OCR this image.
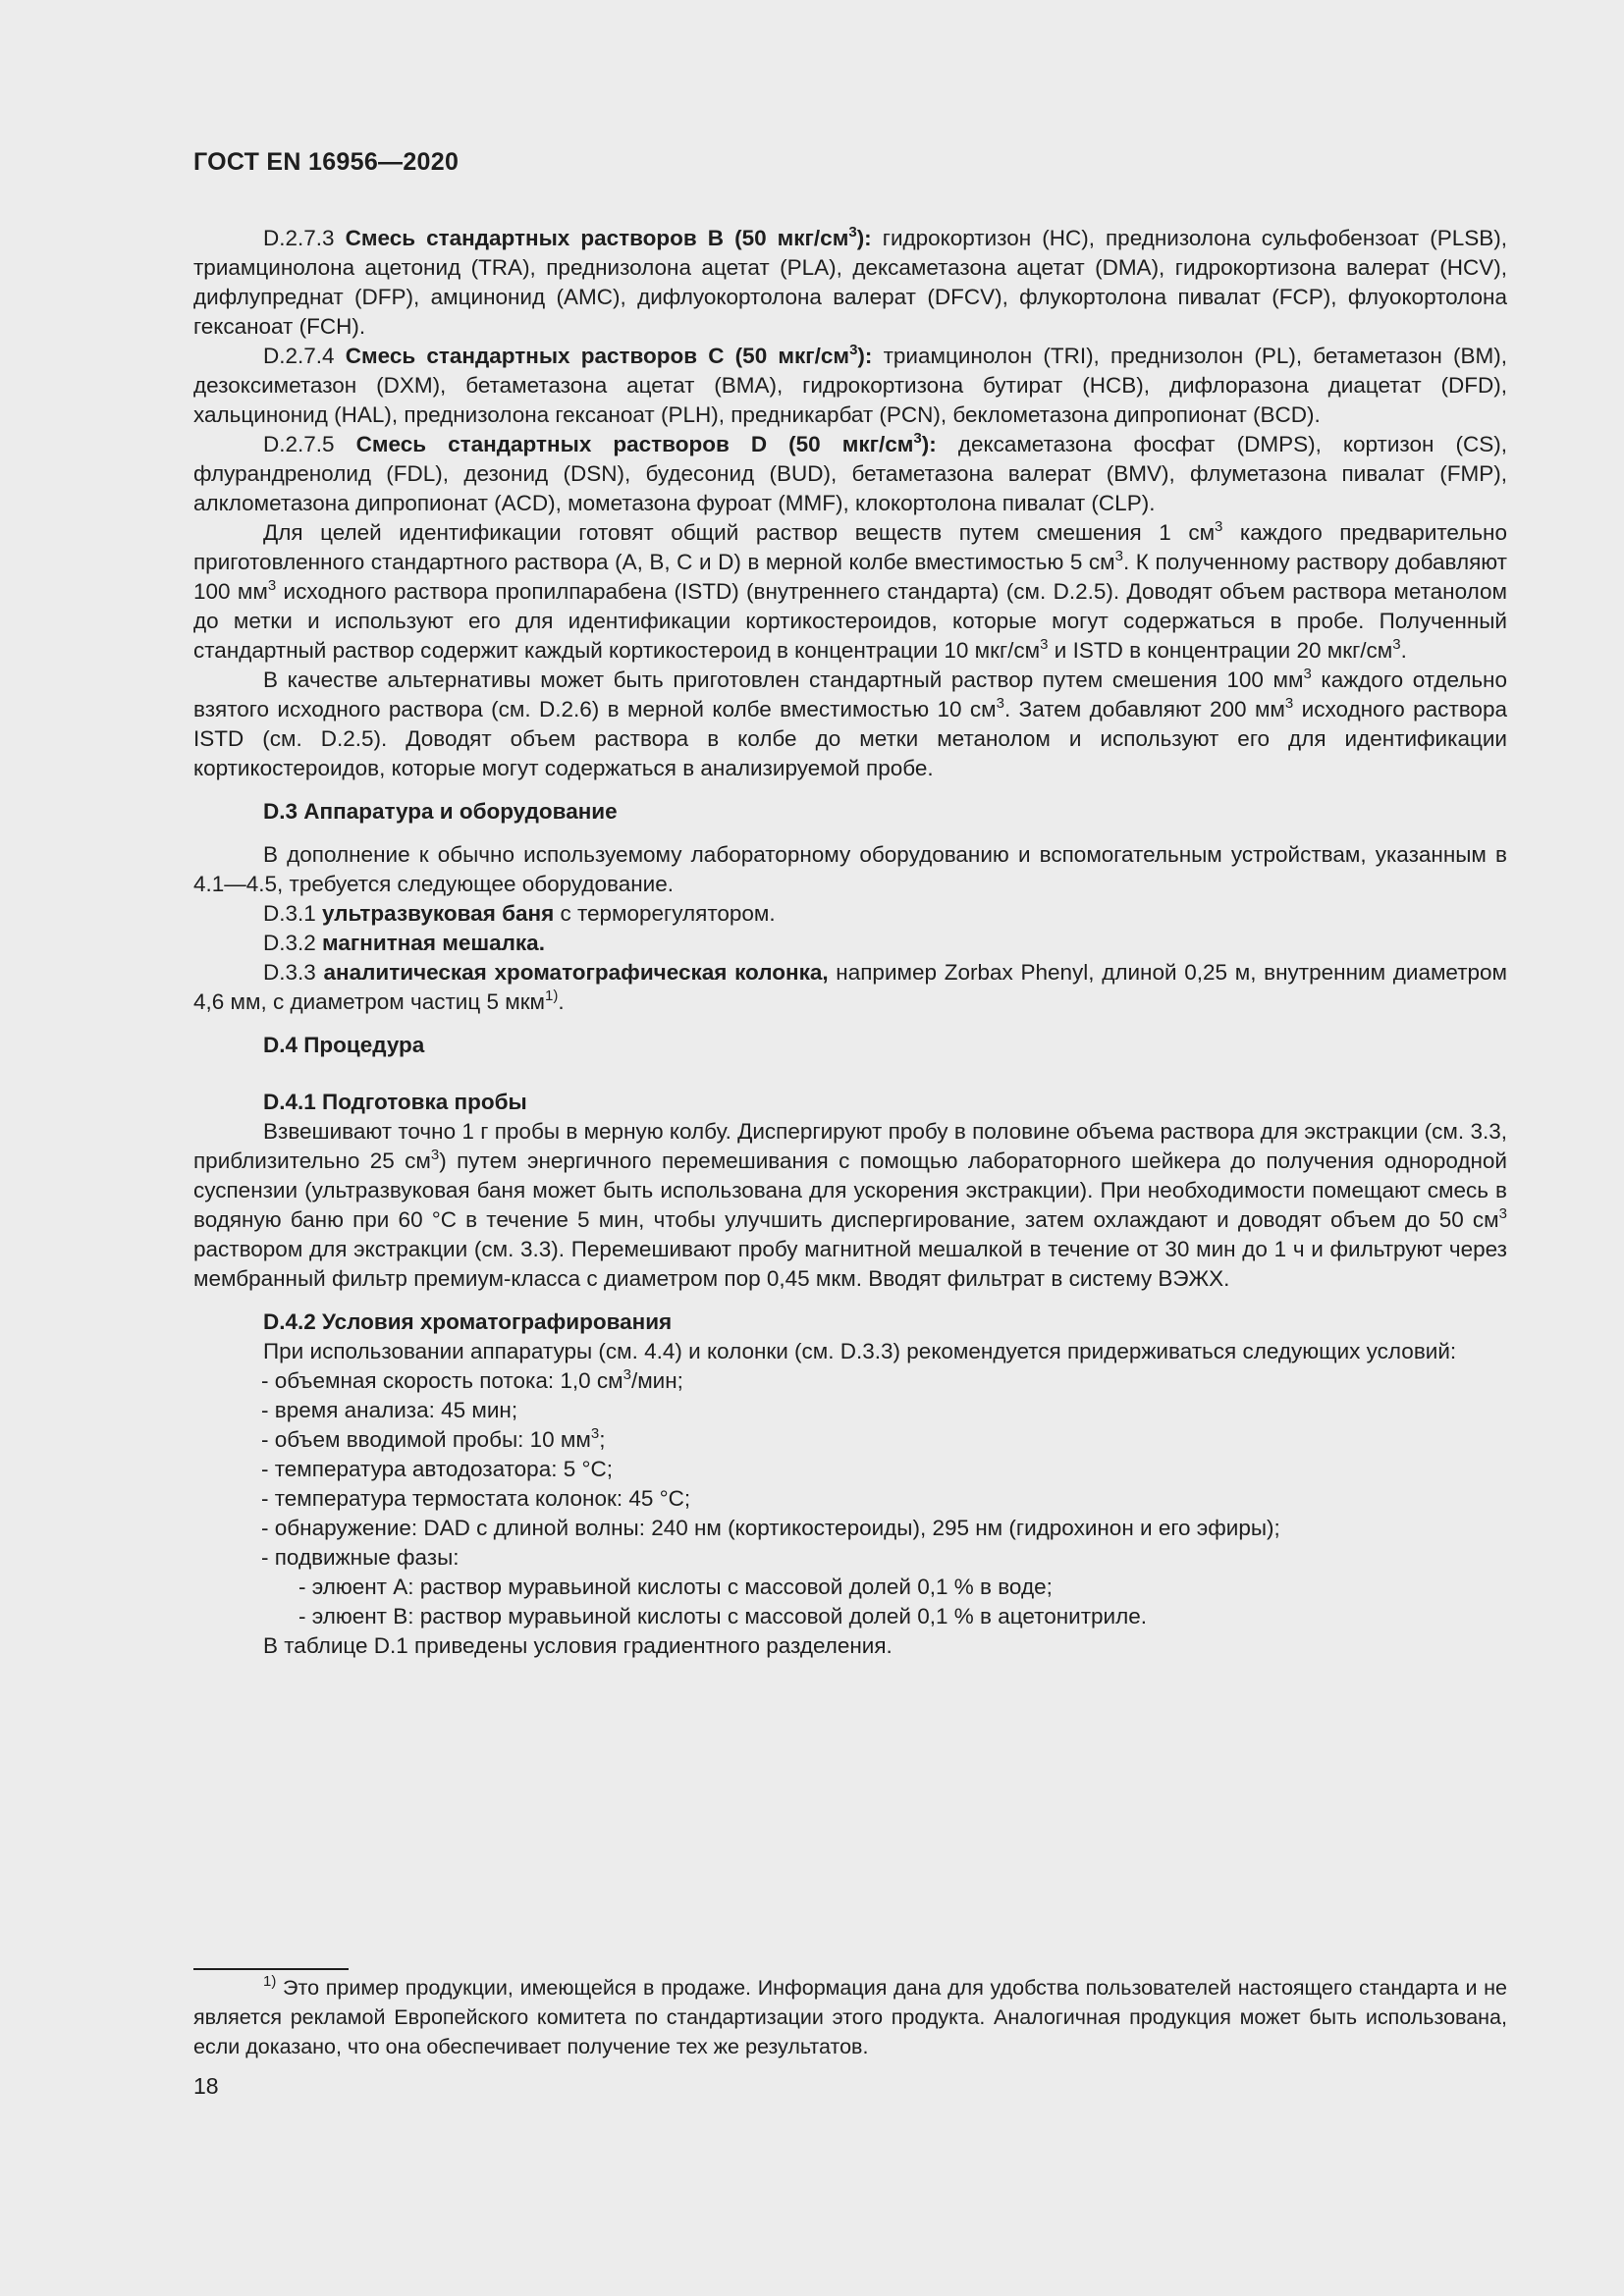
ГОСТ EN 16956—2020

D.2.7.3 Смесь стандартных растворов B (50 мкг/$см^3$): гидрокортизон (HC), преднизолона сульфобензоат (PLSB), триамцинолона ацетонид (TRA), преднизолона ацетат (PLA), дексаметазона ацетат (DMA), гидрокортизона валерат (HCV), дифлупреднат (DFP), амцинонид (AMC), дифлуокортолона валерат (DFCV), флукортолона пивалат (FCP), флуокортолона гексаноат (FCH).

D.2.7.4 Смесь стандартных растворов C (50 мкг/$см^3$): триамцинолон (TRI), преднизолон (PL), бетаметазон (BM), дезоксиметазон (DXM), бетаметазона ацетат (BMA), гидрокортизона бутират (HCB), дифлоразона диацетат (DFD), хальцинонид (HAL), преднизолона гексаноат (PLH), предникарбат (PCN), беклометазона дипропионат (BCD).

D.2.7.5 Смесь стандартных растворов D (50 мкг/$см^3$): дексаметазона фосфат (DMPS), кортизон (CS), флурандренолид (FDL), дезонид (DSN), будесонид (BUD), бетаметазона валерат (BMV), флуметазона пивалат (FMP), алклометазона дипропионат (ACD), мометазона фуроат (MMF), клокортолона пивалат (CLP).

Для целей идентификации готовят общий раствор веществ путем смешения 1 $см^3$ каждого предварительно приготовленного стандартного раствора (A, B, C и D) в мерной колбе вместимостью 5 $см^3$. К полученному раствору добавляют 100 $мм^3$ исходного раствора пропилпарабена (ISTD) (внутреннего стандарта) (см. D.2.5). Доводят объем раствора метанолом до метки и используют его для идентификации кортикостероидов, которые могут содержаться в пробе. Полученный стандартный раствор содержит каждый кортикостероид в концентрации 10 мкг/$см^3$ и ISTD в концентрации 20 мкг/$см^3$.

В качестве альтернативы может быть приготовлен стандартный раствор путем смешения 100 $мм^3$ каждого отдельно взятого исходного раствора (см. D.2.6) в мерной колбе вместимостью 10 $см^3$. Затем добавляют 200 $мм^3$ исходного раствора ISTD (см. D.2.5). Доводят объем раствора в колбе до метки метанолом и используют его для идентификации кортикостероидов, которые могут содержаться в анализируемой пробе.

D.3 Аппаратура и оборудование

В дополнение к обычно используемому лабораторному оборудованию и вспомогательным устройствам, указанным в 4.1—4.5, требуется следующее оборудование.

D.3.1 ультразвуковая баня с терморегулятором.

D.3.2 магнитная мешалка.

D.3.3 аналитическая хроматографическая колонка, например Zorbax Phenyl, длиной 0,25 м, внутренним диаметром 4,6 мм, с диаметром частиц 5 мкм$^{1)}$.

D.4 Процедура

D.4.1 Подготовка пробы

Взвешивают точно 1 г пробы в мерную колбу. Диспергируют пробу в половине объема раствора для экстракции (см. 3.3, приблизительно 25 $см^3$) путем энергичного перемешивания с помощью лабораторного шейкера до получения однородной суспензии (ультразвуковая баня может быть использована для ускорения экстракции). При необходимости помещают смесь в водяную баню при 60 °C в течение 5 мин, чтобы улучшить диспергирование, затем охлаждают и доводят объем до 50 $см^3$ раствором для экстракции (см. 3.3). Перемешивают пробу магнитной мешалкой в течение от 30 мин до 1 ч и фильтруют через мембранный фильтр премиум-класса с диаметром пор 0,45 мкм. Вводят фильтрат в систему ВЭЖХ.

D.4.2 Условия хроматографирования

При использовании аппаратуры (см. 4.4) и колонки (см. D.3.3) рекомендуется придерживаться следующих условий:

- объемная скорость потока: 1,0 $см^3$/мин;

- время анализа: 45 мин;

- объем вводимой пробы: 10 $мм^3$;

- температура автодозатора: 5 °C;

- температура термостата колонок: 45 °C;

- обнаружение: DAD с длиной волны: 240 нм (кортикостероиды), 295 нм (гидрохинон и его эфиры);

- подвижные фазы:

- элюент A: раствор муравьиной кислоты с массовой долей 0,1 % в воде;

- элюент B: раствор муравьиной кислоты с массовой долей 0,1 % в ацетонитриле.

В таблице D.1 приведены условия градиентного разделения.

$^{1)}$ Это пример продукции, имеющейся в продаже. Информация дана для удобства пользователей настоящего стандарта и не является рекламой Европейского комитета по стандартизации этого продукта. Аналогичная продукция может быть использована, если доказано, что она обеспечивает получение тех же результатов.

18
